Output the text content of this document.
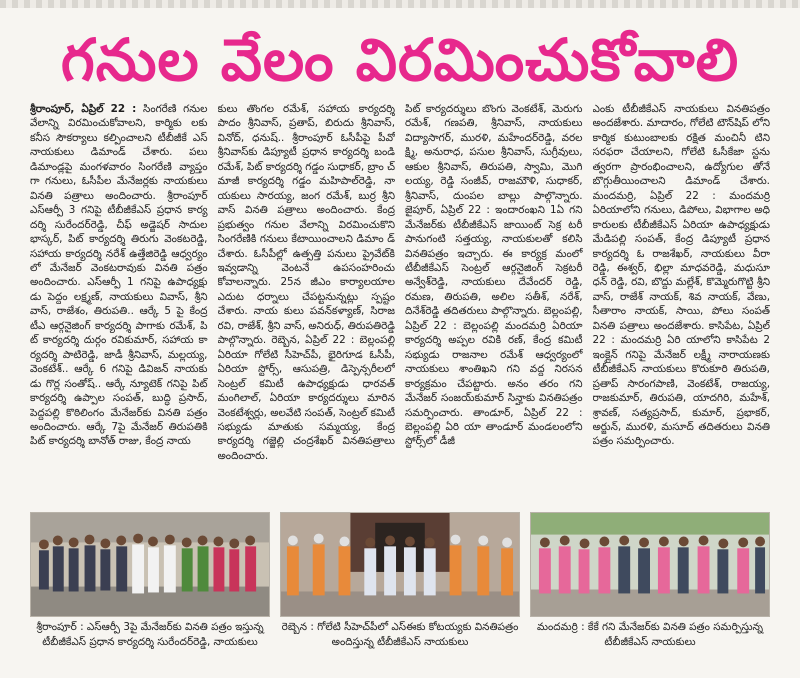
గనుల వేలం విరమించుకోవాలి

శ్రీరాంపూర్, ఏప్రిల్ 22 : సింగరేణి గనుల వేలాన్ని విరమించుకోవాలని, కార్మికు లకు కనీస సౌకర్యాలు కల్పించాలని టీబీజీకే ఎస్ నాయకులు డిమాండ్ చేశారు. పలు డిమాండ్లపై మంగళవారం సింగరేణి వ్యాప్తం గా గనులు, ఓసీపీల మేనేజర్లకు నాయకులు వినతి పత్రాలు అందించారు. శ్రీరాంపూర్ ఎస్ఆర్పీ 3 గనిపై టీబీజీకేఎస్ ప్రధాన కార్య దర్శి సురేందర్‌రెడ్డి, చీఫ్ అడ్జెషర్ సాదుల భాస్కర్, పిట్ కార్యదర్శి తిరుగు వెంకటరెడ్డి, సహాయ కార్యదర్శి నరేశ్ ఉత్తేజిరెడ్డి ఆధ్వర్యం లో మేనేజర్ వెంకటరావుకు వినతి పత్రం అందించారు. ఎస్ఆర్పీ 1 గనిపై ఉపాధ్యక్షు డు పెద్దం లక్ష్మణ్, నాయకులు వివాస్, శ్రీని వాస్, రాజేశం, తిరుపతి.. ఆర్కే 5 పై కేంద్ర టీఎ ఆర్గనైజింగ్ కార్యదర్శి పాగాకు రమేశ్, పి ట్ కార్యదర్శి దుర్గం రవికుమార్, సహాయ కా ర్యదర్శి పాటిరెడ్డి, జాడీ శ్రీనివాస్, మల్లయ్య, వెంకటేశ్.. ఆర్కే 6 గనిపై డివిజన్ నాయకు డు గొర్ల సంతోష్.. ఆర్కే న్యూటెక్ గనిపై పిట్ కార్యదర్శి ఉప్పాల సంపత్, బుద్ధి ప్రసాద్, పెద్దపల్లి కొఠిలింగం మేనేజర్‌కు వినతి పత్రం అందించారు. ఆర్కే 7పై మేనేజర్ తిరుపతికి పిట్ కార్యదర్శి బానోత్ రాజు, కేంద్ర నాయ

కులు తొంగల రమేశ్, సహాయ కార్యదర్శి పాదం శ్రీనివాస్, ప్రతాప్, బిరుదు శ్రీనివాస్, వినోద్, ధనుష్.. శ్రీరాంపూర్ ఓసీపీపై పీవో శ్రీనివాస్‌కు డిప్యూటీ ప్రధాన కార్యదర్శి బండి రమేశ్, పిట్ కార్యదర్శి గడ్డం సుధాకర్, బ్రాం చ్ మాజీ కార్యదర్శి గడ్డం మహిపాల్‌రెడ్డి, నా యకులు సారయ్య, జంగ రమేశ్, బుర్ర శ్రీని వాస్ వినతి పత్రాలు అందించారు. కేంద్ర ప్రభుత్వం గనుల వేలాన్ని విరమించుకొని సింగరేణికి గనులు కేటాయించాలని డిమాం డ్ చేశారు. ఓసీపీల్లో ఉత్పత్తి పనులు ప్రైవేట్‌కి ఇవ్వడాన్ని వెంటనే ఉపసంహరించు కోవాలన్నారు. 25న జీఎం కార్యాలయాల ఎదుట ధర్నాలు చేపట్టనున్నట్లు స్పష్టం చేశారు. నాయ కులు పవన్‌కళ్యాణ్, సిరాజ రవి, రాజేశ్, శ్రీని వాస్, అనిరుధ్, తిరుపతిరెడ్డి పాల్గొన్నారు. రెబ్బెన, ఏప్రిల్ 22 : బెల్లంపల్లి ఏరియా గోలేటి సీహెచ్‌పీ, భైరిగూడ ఓసీపీ, ఏరియా స్టోర్స్, ఆసుపత్రి, డిస్పెన్సరీలలో సెంట్రల్ కమిటీ ఉపాధ్యక్షుడు ధారవత్ మంగిలాల్, ఏరియా కార్యదర్శులు మారిన వెంకటేశ్వర్లు, అలవేటి సంపత్, సెంట్రల్ కమిటీ సభ్యుడు మాతుకు సమ్మయ్య, కేంద్ర కార్యదర్శి గజ్జెల్లి చంద్రశేఖర్ వినతిపత్రాలు అందించారు.

పిట్ కార్యదర్శులు బొంగు వెంకటేశ్, మెరుగు రమేశ్, గణపతి, శ్రీనివాస్, నాయకులు విద్యాసాగర్, మురళి, మహేందర్‌రెడ్డి, వరల క్ష్మి, అనురాధ, పసుల శ్రీనివాస్, సుగ్రీవులు, ఆకుల శ్రీనివాస్, తిరుపతి, స్వామి, మొగి లయ్య, రెడ్డి సంజీవ్, రాజమౌళి, సుధాకర్, శ్రీనివాస్, దుంపల బాల్లు పాల్గొన్నారు. జైపూర్, ఏప్రిల్ 22 : ఇందారంఖని 1ఏ గని మేనేజర్‌కు టీబీజీకేఎస్ జాయింట్ సెక్ర టరీ పానుగంటి సత్తయ్య, నాయకులతో కలిసి వినతిపత్రం ఇచ్చారు. ఈ కార్యక్ర మంలో టీబీజీకేఎస్ సెంట్రల్ ఆర్గనైజింగ్ సెక్రటరీ అన్వేశ్‌రెడ్డి, నాయకులు దేవేందర్ రెడ్డి, రమణ, తిరుపతి, అలిల సతీశ్, నరేశ్, దినేశ్‌రెడ్డి తదితరులు పాల్గొన్నారు. బెల్లంపల్లి, ఏప్రిల్ 22 : బెల్లంపల్లి మందమర్రి ఏరియా కార్యదర్శి అప్పల రవికి రణ్, కేంద్ర కమిటీ సభ్యుడు రాజనాల రమేశ్ ఆధ్వర్యంలో నాయకులు శాంతిఖని గని వద్ద నిరసన కార్యక్రమం చేపట్టారు. అనం తరం గని మేనేజర్ సంజయ్‌కుమార్ సిన్హాకు వినతిపత్రం సమర్పించారు. తాండూర్, ఏప్రిల్ 22 : బెల్లంపల్లి ఏరి యా తాండూర్ మండలంలోని స్టోర్స్‌లో డీజీ

ఎంకు టీబీజీకేఎస్ నాయకులు వినతిపత్రం అందజేశారు. మాదారం, గోలేటి టౌన్‌షిప్ లోని కార్మిక కుటుంబాలకు రక్షిత మంచినీ టిని సరఫరా చేయాలని, గోలేటి ఓసీకేజా స్టను త్వరగా ప్రారంభించాలని, ఉద్యోగుల తోనే బొగ్గుతీయించాలని డిమాండ్ చేశారు. మందమర్రి, ఏప్రిల్ 22 : మందమర్రి ఏరియాలోని గనులు, డిపోలు, విభాగాల అధి కారులకు టీబీజీకేఎస్ ఏరియా ఉపాధ్యక్షుడు మేడిపల్లి సంపత్, కేంద్ర డిప్యూటీ ప్రధాన కార్యదర్శి ఓ రాజశేఖర్, నాయకులు వీరా రెడ్డి, ఈశ్వర్, భిల్లా మాధవరెడ్డి, మధుసూ ధన్ రెడ్డి, రవి, బొద్దు మల్లేశ్, కొమ్మెరుగొట్టి శ్రీని వాస్, రాజేశ్ నాయక్, శివ నాయక్, వేణు, సీతారాం నాయక్, సాయి, పోలు సంపత్ వినతి పత్రాలు అందజేశారు. కాసిపేట, ఏప్రిల్ 22 : మందమర్రి ఏరి యాలోని కాసిపేట 2 ఇంక్లైన్ గనిపై మేనేజర్ లక్ష్మీ నారాయణకు టీబీజీకేఎస్ నాయకులు కొరుకూరి తిరుపతి, ప్రతాప్ సారంగపాణి, వెంకటేశ్, రాజయ్య, రాజకుమార్, తిరుపతి, యాదగిరి, మహేశ్, శ్రావణ్, సత్యప్రసాద్, కుమార్, ప్రభాకర్, అర్జున్, మురళి, మసూద్ తదితరులు వినతి పత్రం సమర్పించారు.

శ్రీరాంపూర్ : ఎస్ఆర్పీ 3పై మేనేజర్‌కు వినతి పత్రం ఇస్తున్న టీబీజీకేఎస్ ప్రధాన కార్యదర్శి సురేందర్‌రెడ్డి, నాయకులు
రెబ్బెన : గోలేటి సీహెచ్‌పీలో ఎస్ఈకు కోటయ్యకు వినతిపత్రం అందిస్తున్న టీబీజీకేఎస్ నాయకులు
మందమర్రి : కేకే గని మేనేజర్‌కు వినతి పత్రం సమర్పిస్తున్న టీబీజీకేఎస్ నాయకులు
